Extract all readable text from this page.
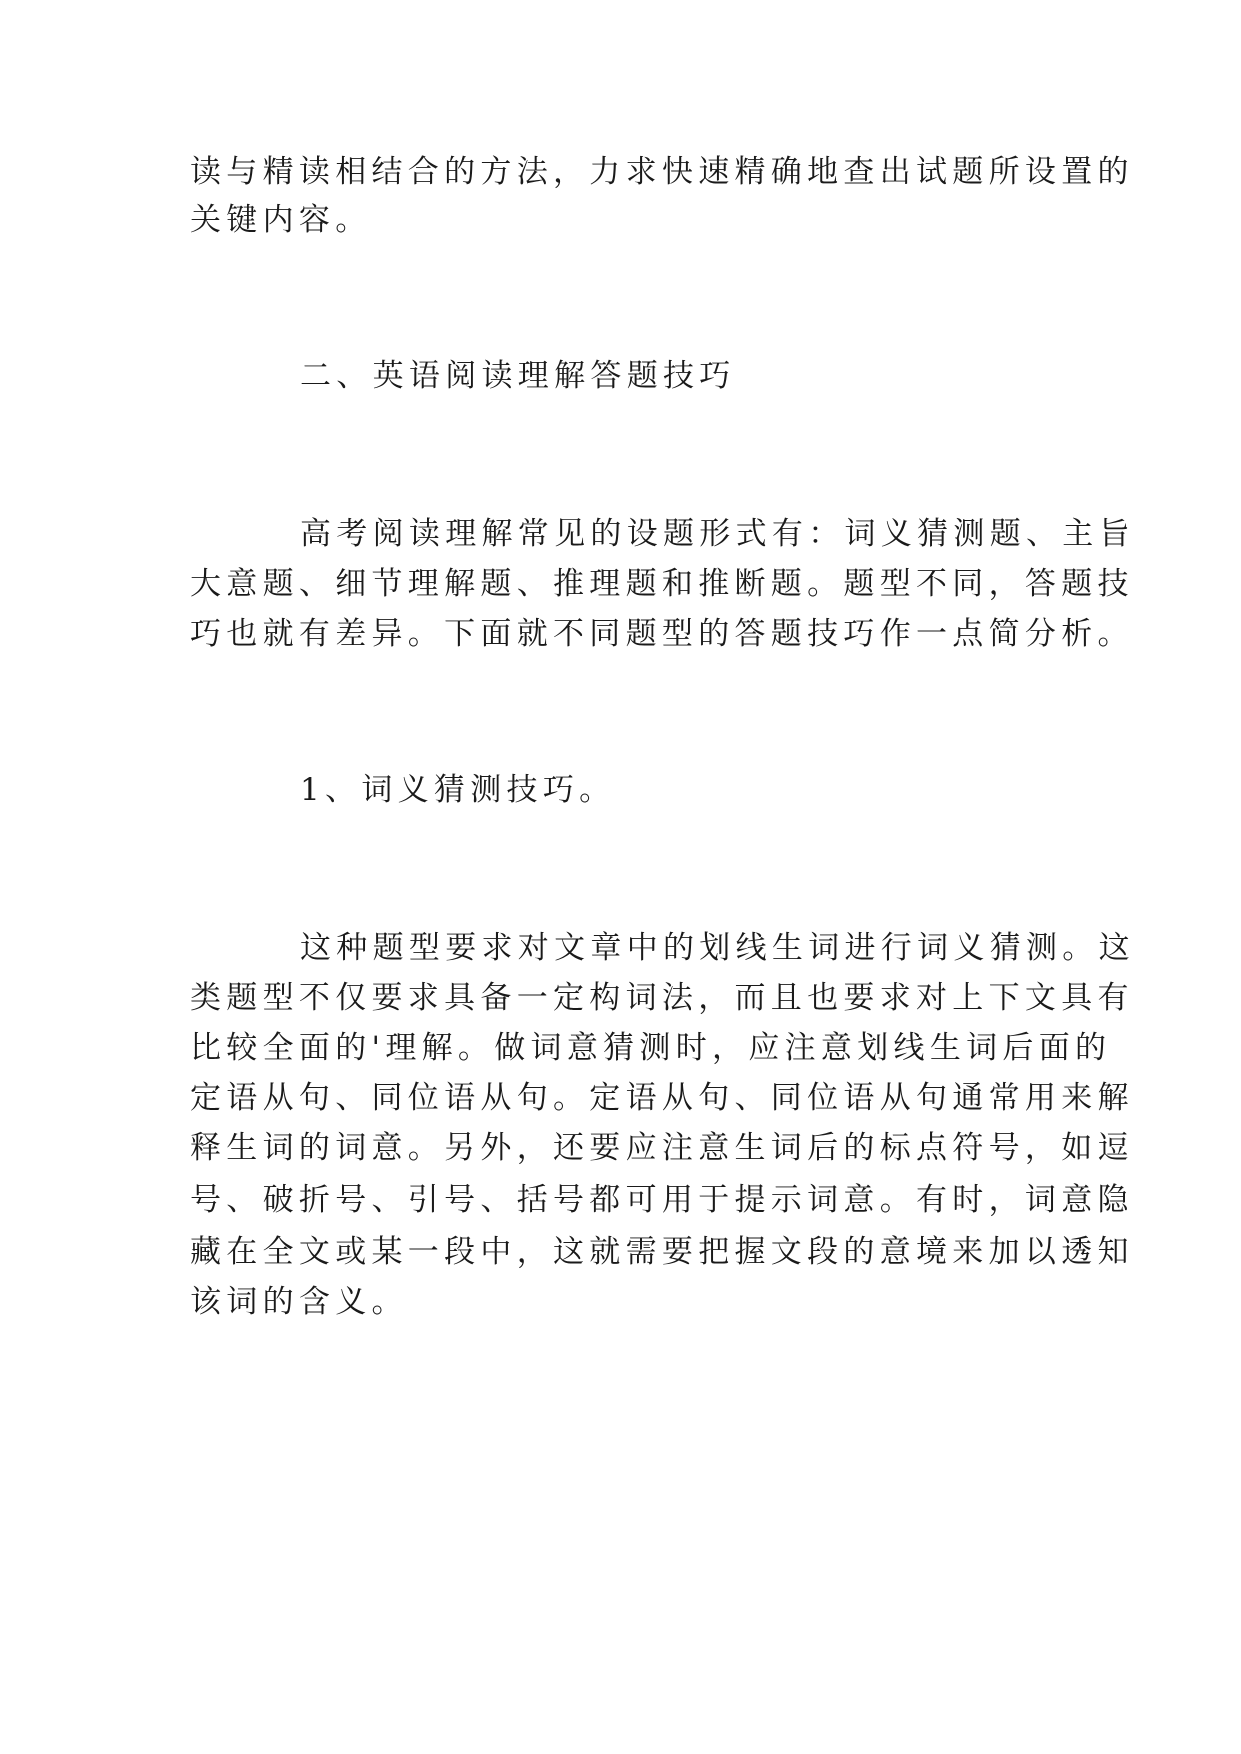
读与精读相结合的方法，力求快速精确地查出试题所设置的

关键内容。

二、英语阅读理解答题技巧

高考阅读理解常见的设题形式有：词义猜测题、主旨

大意题、细节理解题、推理题和推断题。题型不同，答题技

巧也就有差异。下面就不同题型的答题技巧作一点简分析。

1、词义猜测技巧。

这种题型要求对文章中的划线生词进行词义猜测。这

类题型不仅要求具备一定构词法，而且也要求对上下文具有

比较全面的'理解。做词意猜测时，应注意划线生词后面的

定语从句、同位语从句。定语从句、同位语从句通常用来解

释生词的词意。另外，还要应注意生词后的标点符号，如逗

号、破折号、引号、括号都可用于提示词意。有时，词意隐

藏在全文或某一段中，这就需要把握文段的意境来加以透知

该词的含义。
